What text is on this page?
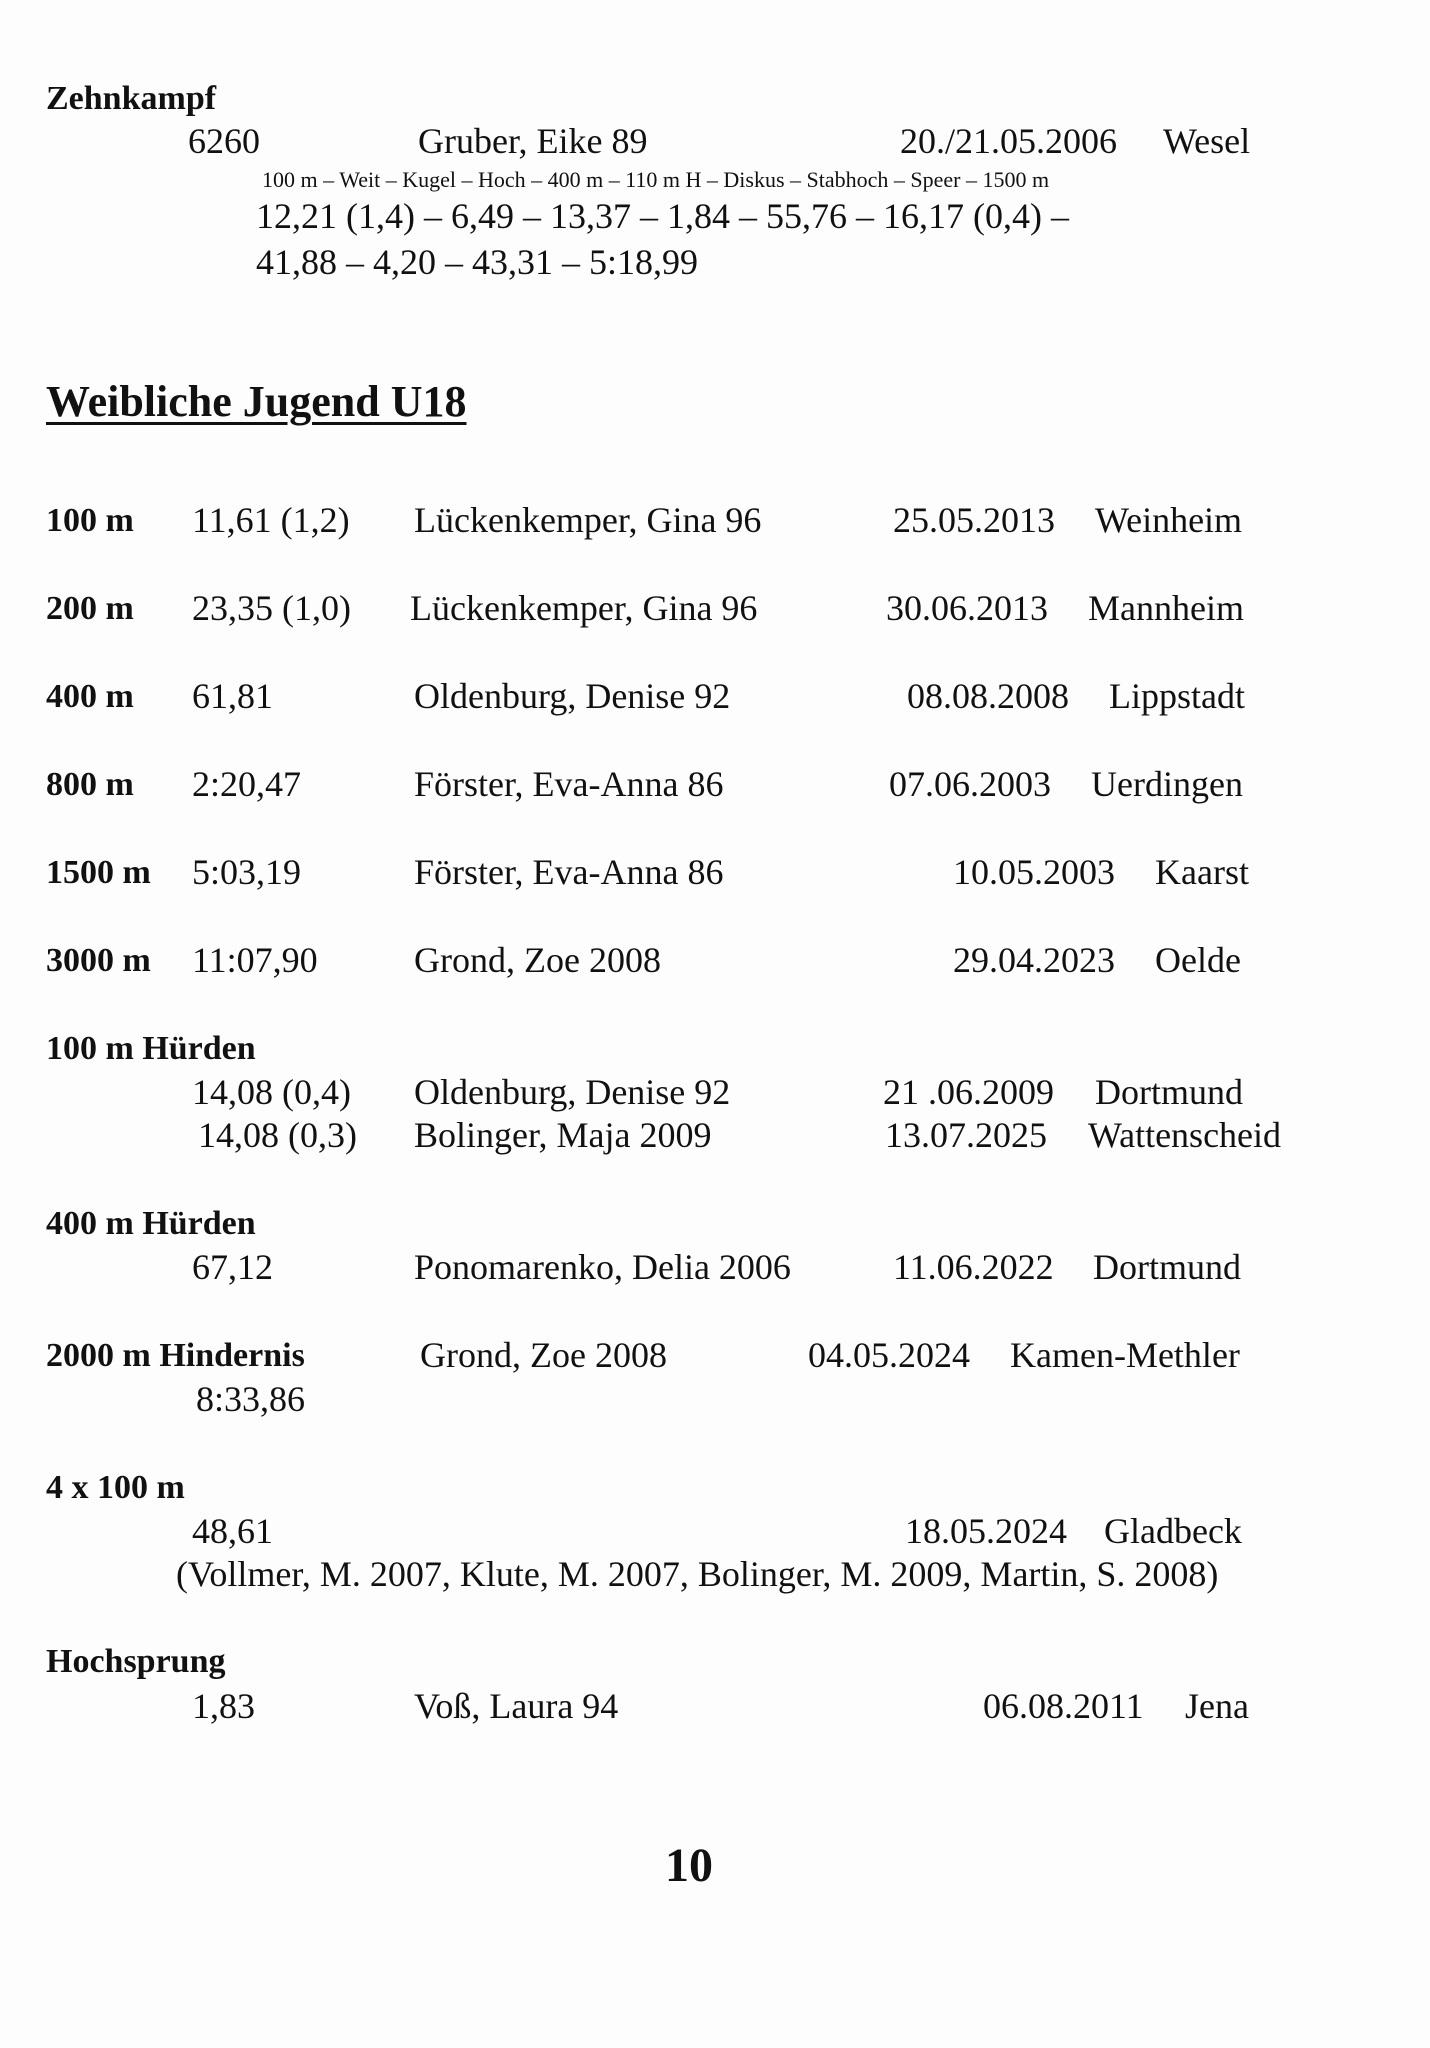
Zehnkampf
6260	Gruber, Eike 89	20./21.05.2006 Wesel
100 m – Weit – Kugel – Hoch – 400 m – 110 m H – Diskus – Stabhoch – Speer – 1500 m
12,21 (1,4) – 6,49 – 13,37 – 1,84 – 55,76 – 16,17 (0,4) –
41,88 – 4,20 – 43,31 – 5:18,99
Weibliche Jugend U18
100 m 11,61 (1,2) Lückenkemper, Gina 96	25.05.2013 Weinheim
200 m 23,35 (1,0) Lückenkemper, Gina 96	30.06.2013 Mannheim
400 m 61,81	Oldenburg, Denise 92	08.08.2008 Lippstadt
800 m 2:20,47	Förster, Eva-Anna 86	07.06.2003 Uerdingen
1500 m 5:03,19	Förster, Eva-Anna 86	10.05.2003 Kaarst
3000 m 11:07,90	Grond, Zoe 2008	29.04.2023 Oelde
100 m Hürden
14,08 (0,4) Oldenburg, Denise 92	21 .06.2009 Dortmund
14,08 (0,3) Bolinger, Maja 2009	13.07.2025 Wattenscheid
400 m Hürden
67,12	Ponomarenko, Delia 2006	11.06.2022 Dortmund
2000 m Hindernis	Grond, Zoe 2008	04.05.2024 Kamen-Methler
8:33,86
4 x 100 m
48,61	18.05.2024 Gladbeck
(Vollmer, M. 2007, Klute, M. 2007, Bolinger, M. 2009, Martin, S. 2008)
Hochsprung
1,83	Voß, Laura 94	06.08.2011 Jena
10
